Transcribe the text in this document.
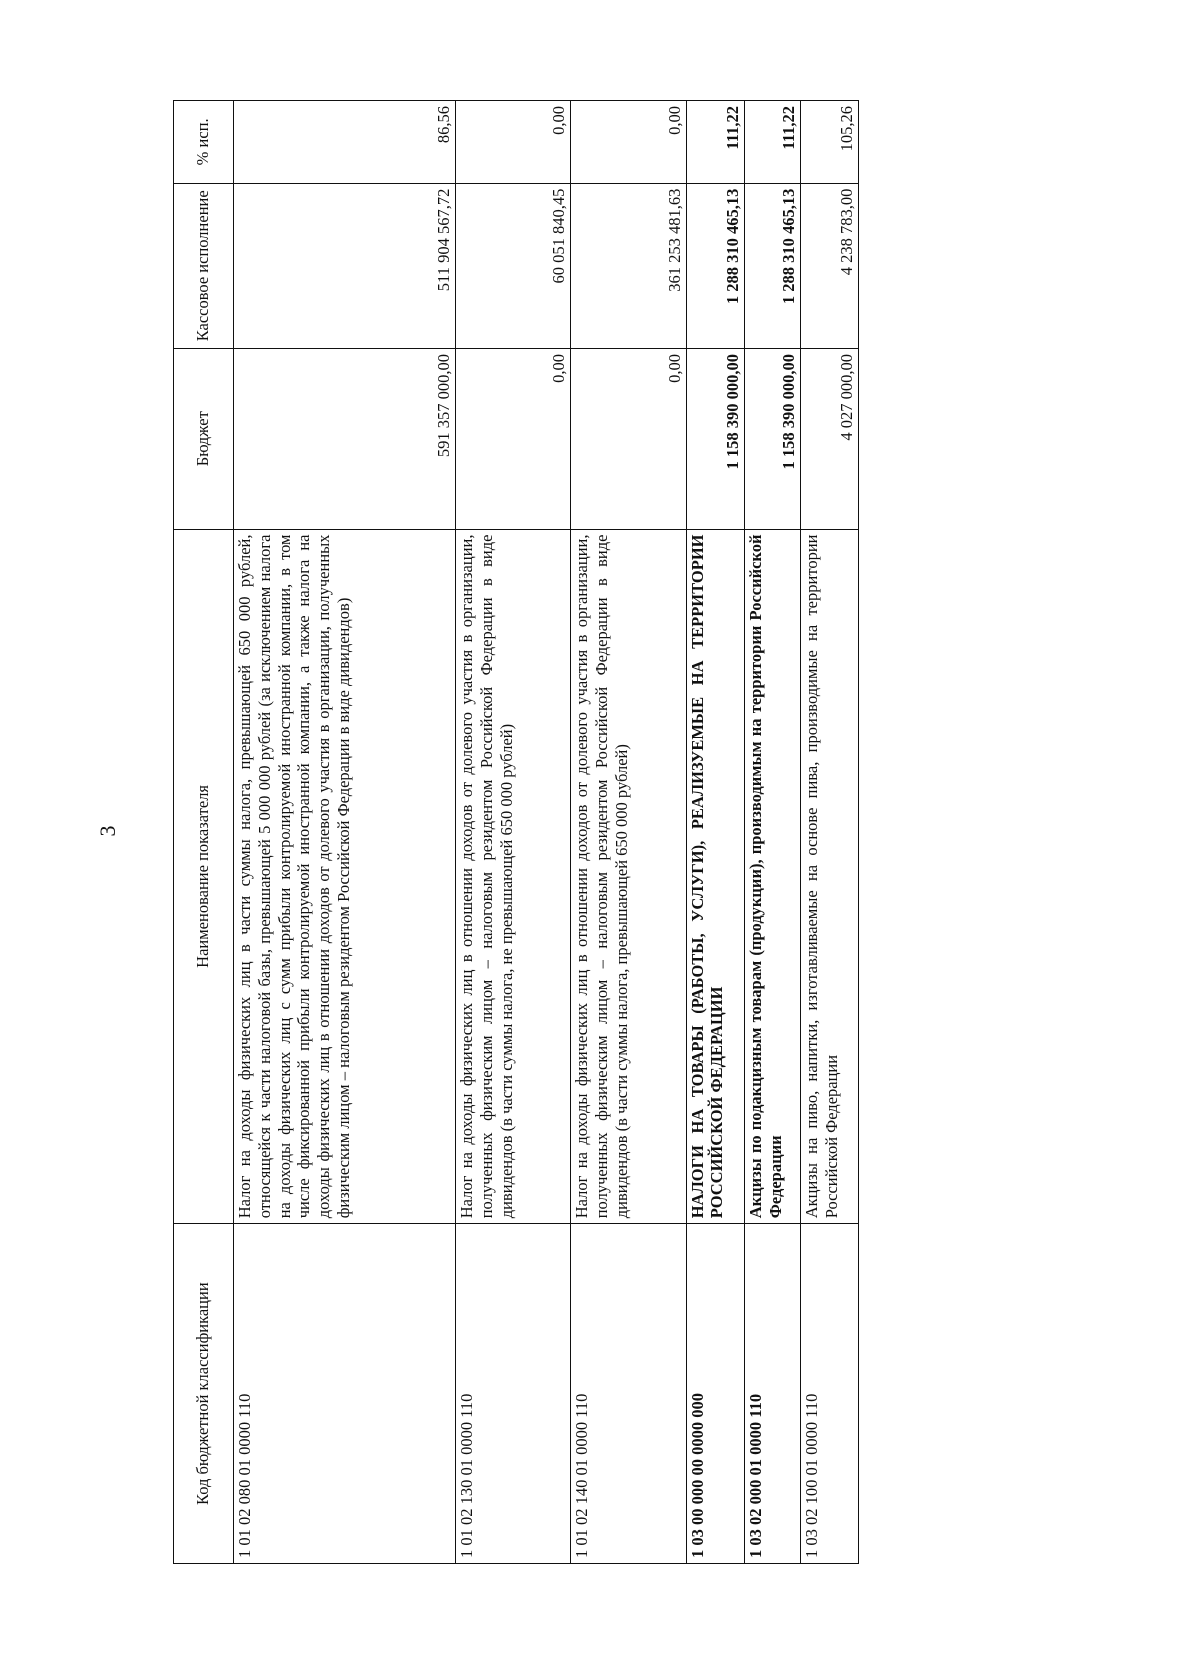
3
Код бюджетной классификации	Наименование показателя	Бюджет	Кассовое исполнение	% исп.
1 01 02 080 01 0000 110	Налог на доходы физических лиц в части суммы налога, превышающей 650 000 рублей, относящейся к части налоговой базы, превышающей 5 000 000 рублей (за исключением налога на доходы физических лиц с сумм прибыли контролируемой иностранной компании, в том числе фиксированной прибыли контролируемой иностранной компании, а также налога на доходы физических лиц в отношении доходов от долевого участия в организации, полученных физическим лицом – налоговым резидентом Российской Федерации в виде дивидендов)	591 357 000,00	511 904 567,72	86,56
1 01 02 130 01 0000 110	Налог на доходы физических лиц в отношении доходов от долевого участия в организации, полученных физическим лицом – налоговым резидентом Российской Федерации в виде дивидендов (в части суммы налога, не превышающей 650 000 рублей)	0,00	60 051 840,45	0,00
1 01 02 140 01 0000 110	Налог на доходы физических лиц в отношении доходов от долевого участия в организации, полученных физическим лицом – налоговым резидентом Российской Федерации в виде дивидендов (в части суммы налога, превышающей 650 000 рублей)	0,00	361 253 481,63	0,00
1 03 00 000 00 0000 000	НАЛОГИ НА ТОВАРЫ (РАБОТЫ, УСЛУГИ), РЕАЛИЗУЕМЫЕ НА ТЕРРИТОРИИ РОССИЙСКОЙ ФЕДЕРАЦИИ	1 158 390 000,00	1 288 310 465,13	111,22
1 03 02 000 01 0000 110	Акцизы по подакцизным товарам (продукции), производимым на территории Российской Федерации	1 158 390 000,00	1 288 310 465,13	111,22
1 03 02 100 01 0000 110	Акцизы на пиво, напитки, изготавливаемые на основе пива, производимые на территории Российской Федерации	4 027 000,00	4 238 783,00	105,26
